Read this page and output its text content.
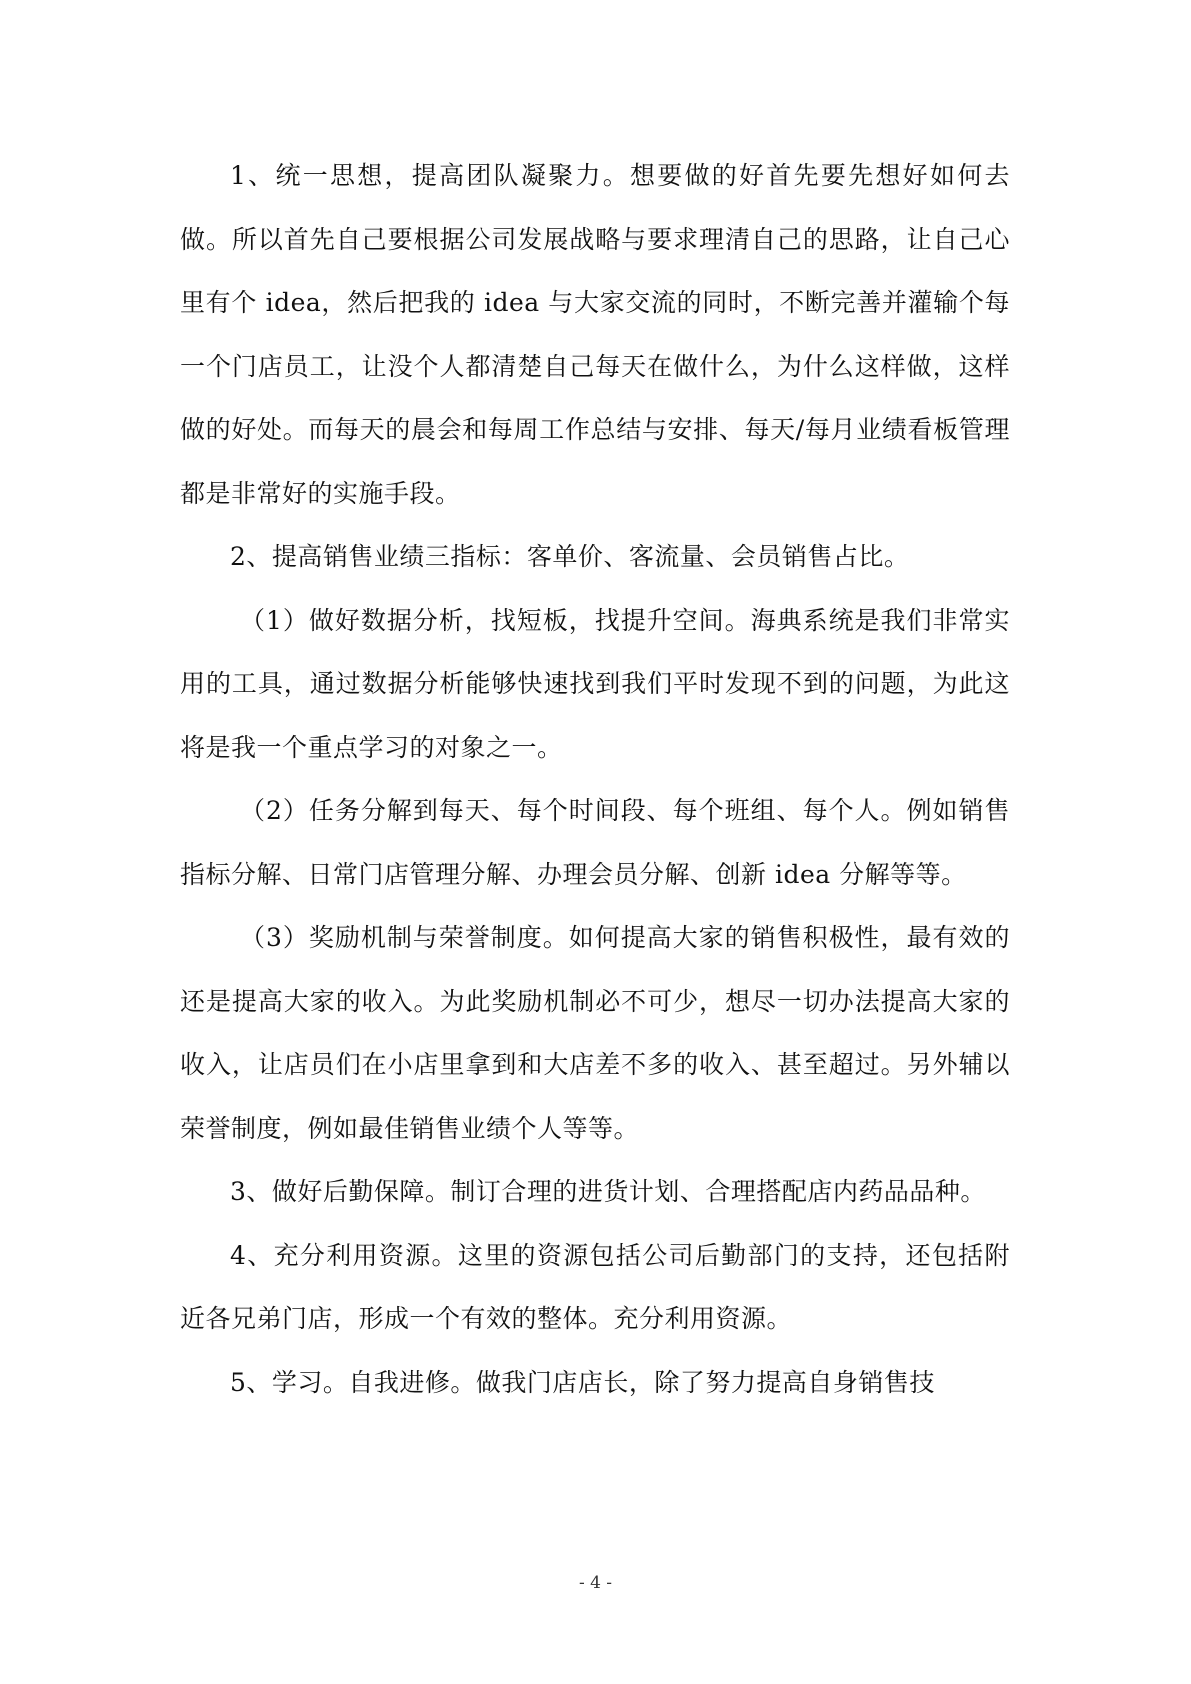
1、统一思想，提高团队凝聚力。想要做的好首先要先想好如何去做。所以首先自己要根据公司发展战略与要求理清自己的思路，让自己心里有个 idea，然后把我的 idea 与大家交流的同时，不断完善并灌输个每一个门店员工，让没个人都清楚自己每天在做什么，为什么这样做，这样做的好处。而每天的晨会和每周工作总结与安排、每天/每月业绩看板管理都是非常好的实施手段。

2、提高销售业绩三指标：客单价、客流量、会员销售占比。

（1）做好数据分析，找短板，找提升空间。海典系统是我们非常实用的工具，通过数据分析能够快速找到我们平时发现不到的问题，为此这将是我一个重点学习的对象之一。

（2）任务分解到每天、每个时间段、每个班组、每个人。例如销售指标分解、日常门店管理分解、办理会员分解、创新 idea 分解等等。

（3）奖励机制与荣誉制度。如何提高大家的销售积极性，最有效的还是提高大家的收入。为此奖励机制必不可少，想尽一切办法提高大家的收入，让店员们在小店里拿到和大店差不多的收入、甚至超过。另外辅以荣誉制度，例如最佳销售业绩个人等等。

3、做好后勤保障。制订合理的进货计划、合理搭配店内药品品种。

4、充分利用资源。这里的资源包括公司后勤部门的支持，还包括附近各兄弟门店，形成一个有效的整体。充分利用资源。

5、学习。自我进修。做我门店店长，除了努力提高自身销售技

- 4 -
